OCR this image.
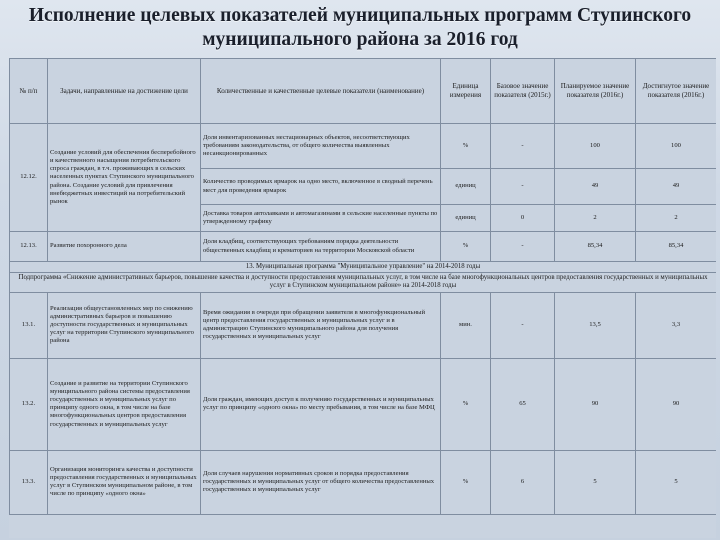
Исполнение целевых показателей муниципальных программ Ступинского муниципального района за 2016 год
№ п/п	Задачи, направленные на достижение цели	Количественные и качественные целевые показатели (наименование)	Единица измерения	Базовое значение показателя (2015г.)	Планируемое значение показателя (2016г.)	Достигнутое значение показателя (2016г.)
12.12.	Создание условий для обеспечения бесперебойного и качественного насыщения потребительского спроса граждан, в т.ч. проживающих в сельских населенных пунктах Ступинского муниципального района. Создание условий для привлечения внебюджетных инвестиций на потребительский рынок	Доля инвентаризованных нестационарных объектов, несоответствующих требованиям законодательства, от общего количества выявленных несанкционированных	%	-	100	100
		Количество проводимых ярмарок на одно место, включенное в сводный перечень мест для проведения ярмарок	единиц	-	49	49
		Доставка товаров автолавками и автомагазинами в сельские населенные пункты по утвержденному графику	единиц	0	2	2
12.13.	Развитие похоронного дела	Доля кладбищ, соответствующих требованиям порядка деятельности общественных кладбищ и крематориев на территории Московской области	%	-	85,34	85,34
13. Муниципальная программа "Муниципальное управление" на 2014-2018 годы						
Подпрограмма «Снижение административных барьеров, повышение качества и доступности предоставления муниципальных услуг, в том числе на базе многофункциональных центров предоставления государственных и муниципальных услуг в Ступинском муниципальном районе» на 2014-2018 годы						
13.1.	Реализация общеустановленных мер по снижению административных барьеров и повышению доступности государственных и муниципальных услуг на территории Ступинского муниципального района	Время ожидания в очереди при обращении заявителя в многофункциональный центр предоставления государственных и муниципальных услуг и в администрацию Ступинского муниципального района для получения государственных и муниципальных услуг	мин.	-	13,5	3,3
13.2.	Создание и развитие на территории Ступинского муниципального района системы предоставления государственных и муниципальных услуг по принципу одного окна, в том числе на базе многофункциональных центров предоставления государственных и муниципальных услуг	Доля граждан, имеющих доступ к получению государственных и муниципальных услуг по принципу «одного окна» по месту пребывания, в том числе на базе МФЦ	%	65	90	90
13.3.	Организация мониторинга качества и доступности предоставления государственных и муниципальных услуг в Ступинском муниципальном районе, в том числе по принципу «одного окна»	Доля случаев нарушения нормативных сроков и порядка предоставления государственных и муниципальных услуг от общего количества предоставленных государственных и муниципальных услуг	%	6	5	5
